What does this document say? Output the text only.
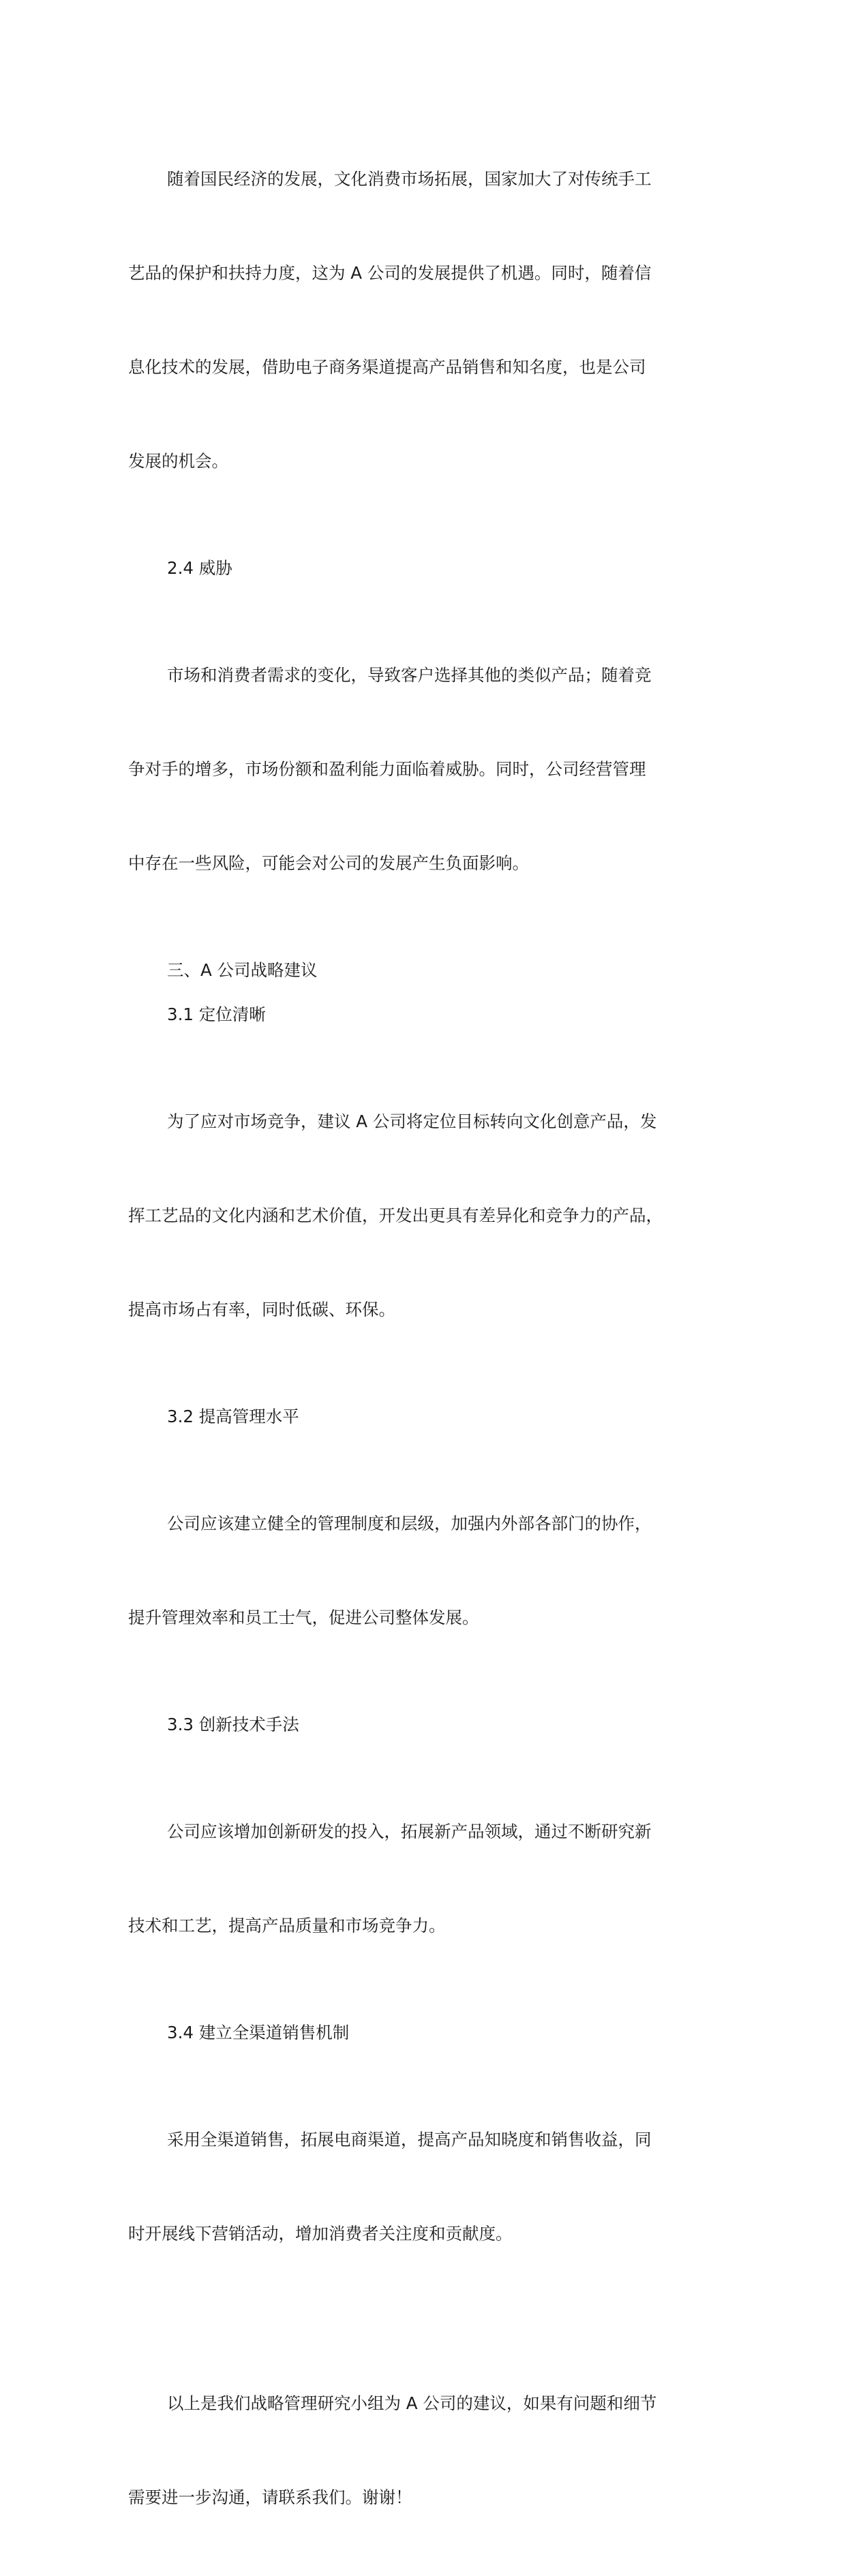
随着国民经济的发展，文化消费市场拓展，国家加大了对传统手工

艺品的保护和扶持力度，这为 A 公司的发展提供了机遇。同时，随着信

息化技术的发展，借助电子商务渠道提高产品销售和知名度，也是公司

发展的机会。

2.4 威胁

市场和消费者需求的变化，导致客户选择其他的类似产品；随着竞

争对手的增多，市场份额和盈利能力面临着威胁。同时，公司经营管理

中存在一些风险，可能会对公司的发展产生负面影响。

三、A 公司战略建议

3.1 定位清晰

为了应对市场竞争，建议 A 公司将定位目标转向文化创意产品，发

挥工艺品的文化内涵和艺术价值，开发出更具有差异化和竞争力的产品，

提高市场占有率，同时低碳、环保。

3.2 提高管理水平

公司应该建立健全的管理制度和层级，加强内外部各部门的协作，

提升管理效率和员工士气，促进公司整体发展。

3.3 创新技术手法

公司应该增加创新研发的投入，拓展新产品领域，通过不断研究新

技术和工艺，提高产品质量和市场竞争力。

3.4 建立全渠道销售机制

采用全渠道销售，拓展电商渠道，提高产品知晓度和销售收益，同

时开展线下营销活动，增加消费者关注度和贡献度。

以上是我们战略管理研究小组为 A 公司的建议，如果有问题和细节

需要进一步沟通，请联系我们。谢谢！
